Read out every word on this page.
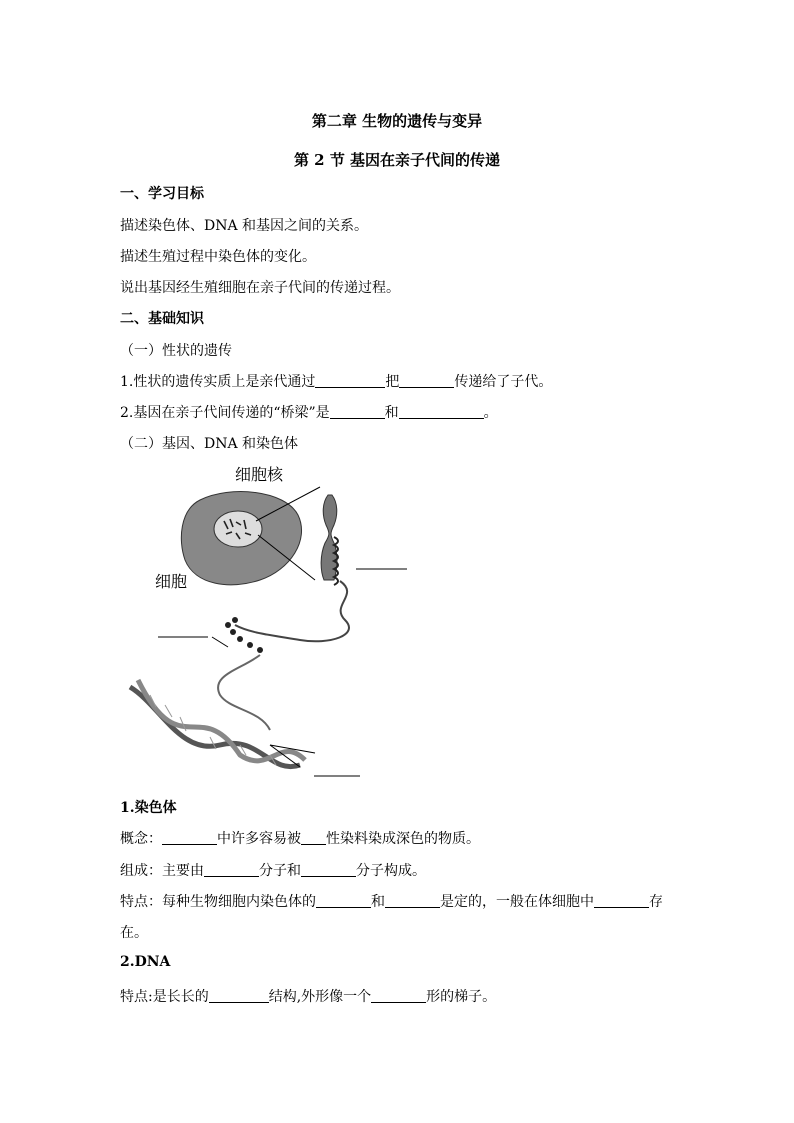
第二章 生物的遗传与变异
第 2 节 基因在亲子代间的传递
一、学习目标
描述染色体、DNA 和基因之间的关系。
描述生殖过程中染色体的变化。
说出基因经生殖细胞在亲子代间的传递过程。
二、基础知识
（一）性状的遗传
1.性状的遗传实质上是亲代通过	把	传递给了子代。
2.基因在亲子代间传递的“桥梁”是	和	。
（二）基因、DNA 和染色体
细胞核
细胞
1.染色体
概念：	中许多容易被 性染料染成深色的物质。
组成：主要由	分子和	分子构成。
特点：每种生物细胞内染色体的	和	是定的，一般在体细胞中	存
在。
2.DNA
特点:是长长的	结构,外形像一个	形的梯子。
